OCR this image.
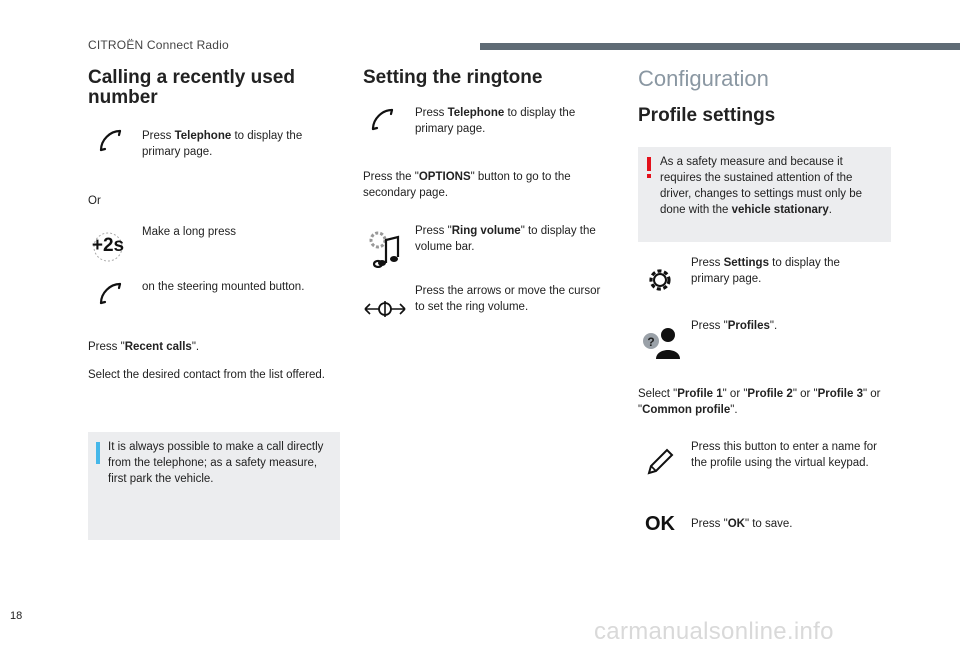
CITROËN Connect Radio
Calling a recently used number

Press Telephone to display the primary page.

Or

+2s

Make a long press

on the steering mounted button.

Press "Recent calls".

Select the desired contact from the list offered.

It is always possible to make a call directly from the telephone; as a safety measure, first park the vehicle.

Setting the ringtone

Press Telephone to display the primary page.

Press the "OPTIONS" button to go to the secondary page.

Press "Ring volume" to display the volume bar.

Press the arrows or move the cursor to set the ring volume.

Configuration
Profile settings

As a safety measure and because it requires the sustained attention of the driver, changes to settings must only be done with the vehicle stationary.

Press Settings to display the primary page.

?

Press "Profiles".

Select "Profile 1" or "Profile 2" or "Profile 3" or "Common profile".

Press this button to enter a name for the profile using the virtual keypad.

OK Press "OK" to save.

18
carmanualsonline.info
